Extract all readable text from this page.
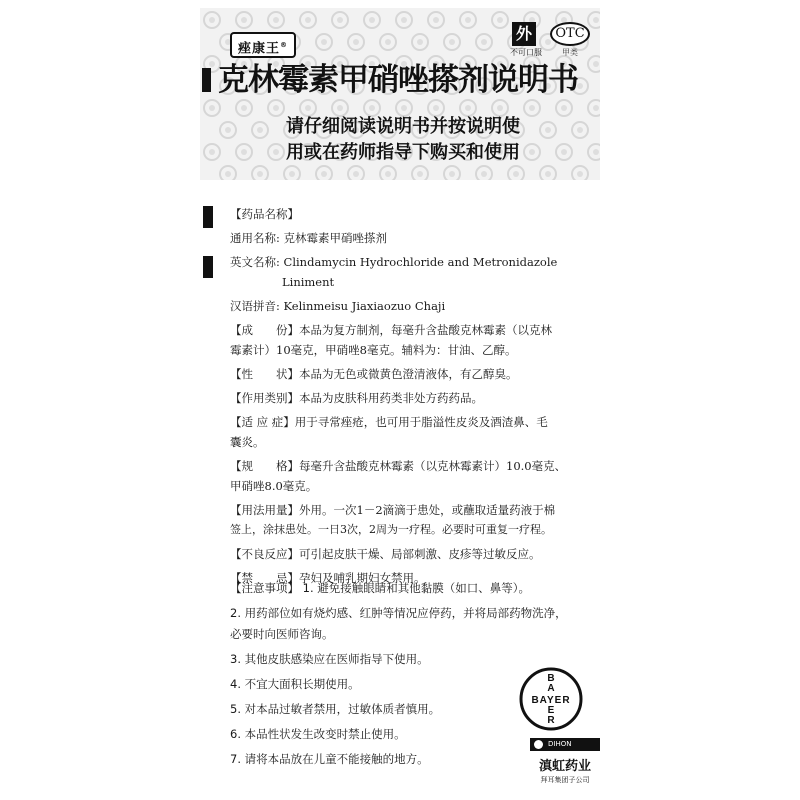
痤康王®
外
不可口服
OTC
甲类
克林霉素甲硝唑搽剂说明书
请仔细阅读说明书并按说明使
用或在药师指导下购买和使用
【药品名称】
通用名称: 克林霉素甲硝唑搽剂
英文名称: Clindamycin Hydrochloride and Metronidazole
Liniment
汉语拼音: Kelinmeisu Jiaxiaozuo Chaji
【成　　份】本品为复方制剂，每毫升含盐酸克林霉素（以克林
霉素计）10毫克，甲硝唑8毫克。辅料为：甘油、乙醇。
【性　　状】本品为无色或微黄色澄清液体，有乙醇臭。
【作用类别】本品为皮肤科用药类非处方药药品。
【适 应 症】用于寻常痤疮，也可用于脂溢性皮炎及酒渣鼻、毛
囊炎。
【规　　格】每毫升含盐酸克林霉素（以克林霉素计）10.0毫克、
甲硝唑8.0毫克。
【用法用量】外用。一次1－2滴滴于患处，或蘸取适量药液于棉
签上，涂抹患处。一日3次，2周为一疗程。必要时可重复一疗程。
【不良反应】可引起皮肤干燥、局部刺激、皮疹等过敏反应。
【禁　　忌】孕妇及哺乳期妇女禁用。
【注意事项】 1. 避免接触眼睛和其他黏膜（如口、鼻等）。
2. 用药部位如有烧灼感、红肿等情况应停药，并将局部药物洗净，
必要时向医师咨询。
3. 其他皮肤感染应在医师指导下使用。
4. 不宜大面积长期使用。
5. 对本品过敏者禁用，过敏体质者慎用。
6. 本品性状发生改变时禁止使用。
7. 请将本品放在儿童不能接触的地方。
BAYER
B
A
E
R
DIHON
滇虹药业
拜耳集团子公司
